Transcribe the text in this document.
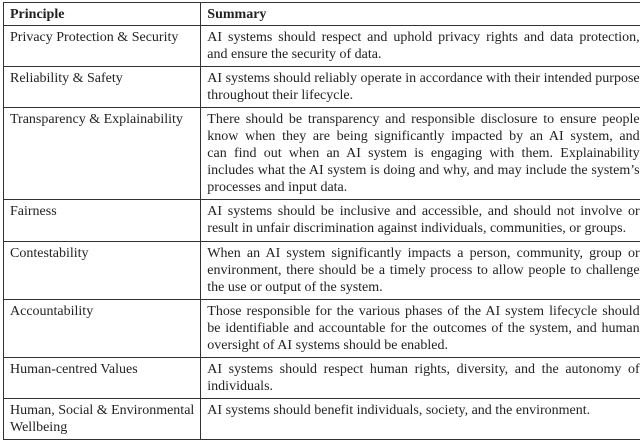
Principle	Summary

Privacy Protection & Security	AI systems should respect and uphold privacy rights and data protection,
and ensure the security of data.

Reliability & Safety	AI systems should reliably operate in accordance with their intended purpose
throughout their lifecycle.

Transparency & Explainability	There should be transparency and responsible disclosure to ensure people
know when they are being significantly impacted by an AI system, and
can find out when an AI system is engaging with them. Explainability
includes what the AI system is doing and why, and may include the system’s
processes and input data.

Fairness	AI systems should be inclusive and accessible, and should not involve or
result in unfair discrimination against individuals, communities, or groups.

Contestability	When an AI system significantly impacts a person, community, group or
environment, there should be a timely process to allow people to challenge
the use or output of the system.

Accountability	Those responsible for the various phases of the AI system lifecycle should
be identifiable and accountable for the outcomes of the system, and human
oversight of AI systems should be enabled.

Human-centred Values	AI systems should respect human rights, diversity, and the autonomy of
individuals.

Human, Social & Environmental
Wellbeing	AI systems should benefit individuals, society, and the environment.
